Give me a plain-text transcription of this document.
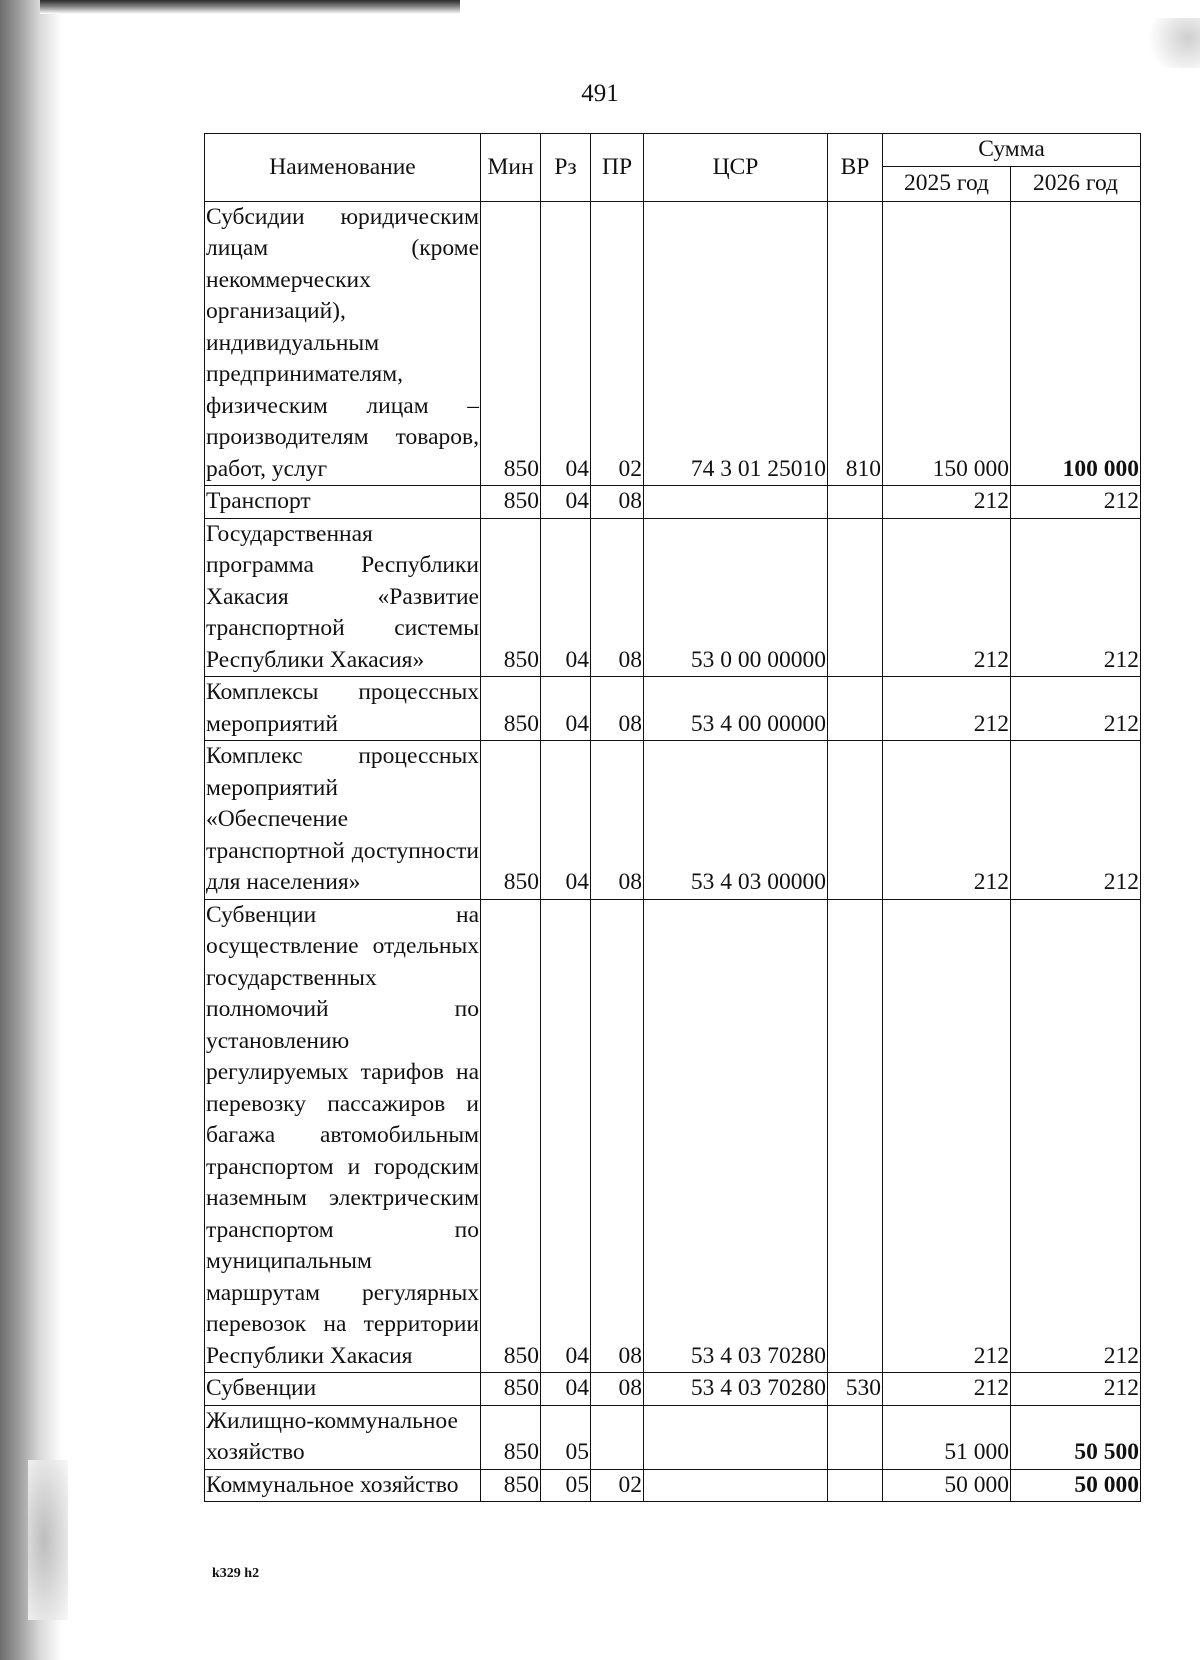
491
Наименование	Мин	Рз	ПР	ЦСР	ВР	Сумма	
						2025 год	2026 год
Субсидии юридическим лицам (кроме некоммерческих организаций), индивидуальным предпринимателям, физическим лицам – производителям товаров, работ, услуг	850	04	02	74 3 01 25010	810	150 000	100 000
Транспорт	850	04	08			212	212
Государственная программа Республики Хакасия «Развитие транспортной системы Республики Хакасия»	850	04	08	53 0 00 00000		212	212
Комплексы процессных мероприятий	850	04	08	53 4 00 00000		212	212
Комплекс процессных мероприятий «Обеспечение транспортной доступности для населения»	850	04	08	53 4 03 00000		212	212
Субвенции на осуществление отдельных государственных полномочий по установлению регулируемых тарифов на перевозку пассажиров и багажа автомобильным транспортом и городским наземным электрическим транспортом по муниципальным маршрутам регулярных перевозок на территории Республики Хакасия	850	04	08	53 4 03 70280		212	212
Субвенции	850	04	08	53 4 03 70280	530	212	212
Жилищно-коммунальное хозяйство	850	05				51 000	50 500
Коммунальное хозяйство	850	05	02			50 000	50 000
k329 h2
